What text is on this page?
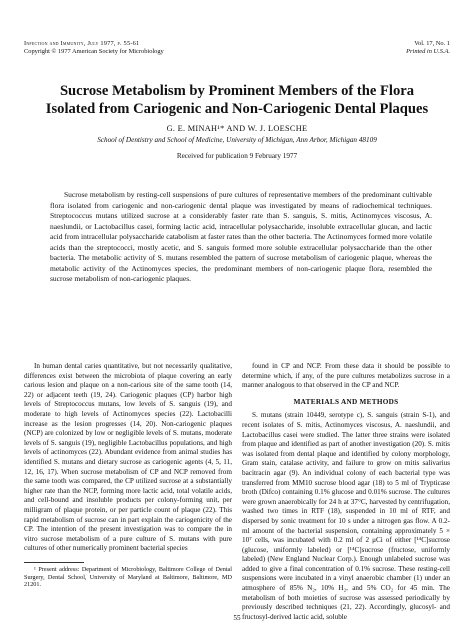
Infection and Immunity, July 1977, p. 55-61	Vol. 17, No. 1
Copyright © 1977 American Society for Microbiology	Printed in U.S.A.
Sucrose Metabolism by Prominent Members of the Flora
Isolated from Cariogenic and Non-Cariogenic Dental Plaques
G. E. MINAH¹* AND W. J. LOESCHE
School of Dentistry and School of Medicine, University of Michigan, Ann Arbor, Michigan 48109
Received for publication 9 February 1977
Sucrose metabolism by resting-cell suspensions of pure cultures of representative members of the predominant cultivable flora isolated from cariogenic and non-cariogenic dental plaque was investigated by means of radiochemical techniques. Streptococcus mutans utilized sucrose at a considerably faster rate than S. sanguis, S. mitis, Actinomyces viscosus, A. naeslundii, or Lactobacillus casei, forming lactic acid, intracellular polysaccharide, insoluble extracellular glucan, and lactic acid from intracellular polysaccharide catabolism at faster rates than the other bacteria. The Actinomyces formed more volatile acids than the streptococci, mostly acetic, and S. sanguis formed more soluble extracellular polysaccharide than the other bacteria. The metabolic activity of S. mutans resembled the pattern of sucrose metabolism of cariogenic plaque, whereas the metabolic activity of the Actinomyces species, the predominant members of non-cariogenic plaque flora, resembled the sucrose metabolism of non-cariogenic plaques.

In human dental caries quantitative, but not necessarily qualitative, differences exist between the microbiota of plaque covering an early carious lesion and plaque on a non-carious site of the same tooth (14, 22) or adjacent teeth (19, 24). Cariogenic plaques (CP) harbor high levels of Streptococcus mutans, low levels of S. sanguis (19), and moderate to high levels of Actinomyces species (22). Lactobacilli increase as the lesion progresses (14, 20). Non-cariogenic plaques (NCP) are colonized by low or negligible levels of S. mutans, moderate levels of S. sanguis (19), negligible Lactobacillus populations, and high levels of actinomyces (22). Abundant evidence from animal studies has identified S. mutans and dietary sucrose as cariogenic agents (4, 5, 11, 12, 16, 17). When sucrose metabolism of CP and NCP removed from the same tooth was compared, the CP utilized sucrose at a substantially higher rate than the NCP, forming more lactic acid, total volatile acids, and cell-bound and insoluble products per colony-forming unit, per milligram of plaque protein, or per particle count of plaque (22). This rapid metabolism of sucrose can in part explain the cariogenicity of the CP. The intention of the present investigation was to compare the in vitro sucrose metabolism of a pure culture of S. mutans with pure cultures of other numerically prominent bacterial species

¹ Present address: Department of Microbiology, Baltimore College of Dental Surgery, Dental School, University of Maryland at Baltimore, Baltimore, MD 21201.

found in CP and NCP. From these data it should be possible to determine which, if any, of the pure cultures metabolizes sucrose in a manner analogous to that observed in the CP and NCP.

MATERIALS AND METHODS

S. mutans (strain 10449, serotype c), S. sanguis (strain S-1), and recent isolates of S. mitis, Actinomyces viscosus, A. naeslundii, and Lactobacillus casei were studied. The latter three strains were isolated from plaque and identified as part of another investigation (20). S. mitis was isolated from dental plaque and identified by colony morphology, Gram stain, catalase activity, and failure to grow on mitis salivarius bacitracin agar (9). An individual colony of each bacterial type was transferred from MM10 sucrose blood agar (18) to 5 ml of Trypticase broth (Difco) containing 0.1% glucose and 0.01% sucrose. The cultures were grown anaerobically for 24 h at 37°C, harvested by centrifugation, washed two times in RTF (18), suspended in 10 ml of RTF, and dispersed by sonic treatment for 10 s under a nitrogen gas flow. A 0.2-ml amount of the bacterial suspension, containing approximately 5 × 10⁷ cells, was incubated with 0.2 ml of 2 μCi of either [¹⁴C]sucrose (glucose, uniformly labeled) or [¹⁴C]sucrose (fructose, uniformly labeled) (New England Nuclear Corp.). Enough unlabeled sucrose was added to give a final concentration of 0.1% sucrose. These resting-cell suspensions were incubated in a vinyl anaerobic chamber (1) under an atmosphere of 85% N₂, 10% H₂, and 5% CO₂ for 45 min. The metabolism of both moieties of sucrose was assessed periodically by previously described techniques (21, 22). Accordingly, glucosyl- and fructosyl-derived lactic acid, soluble

55
